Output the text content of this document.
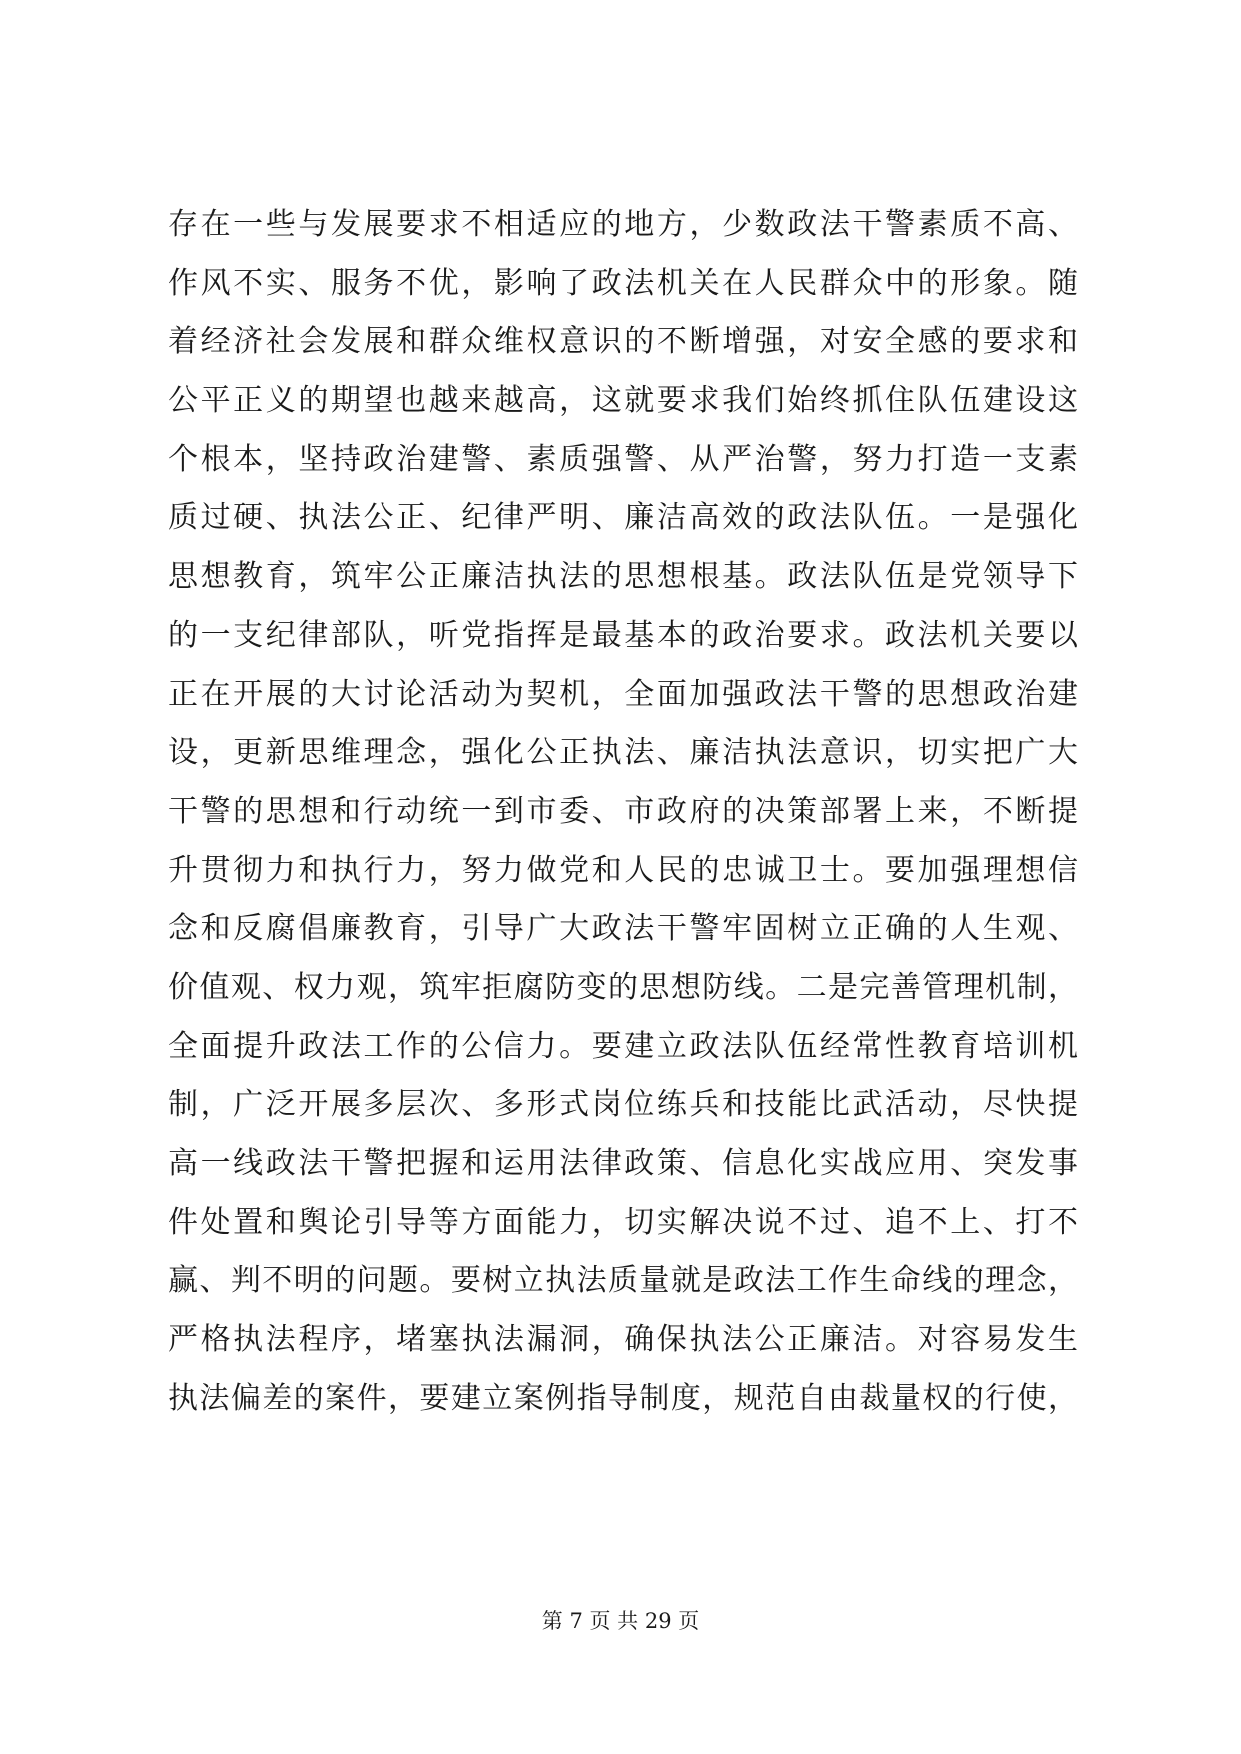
存在一些与发展要求不相适应的地方，少数政法干警素质不高、
作风不实、服务不优，影响了政法机关在人民群众中的形象。随
着经济社会发展和群众维权意识的不断增强，对安全感的要求和
公平正义的期望也越来越高，这就要求我们始终抓住队伍建设这
个根本，坚持政治建警、素质强警、从严治警，努力打造一支素
质过硬、执法公正、纪律严明、廉洁高效的政法队伍。一是强化
思想教育，筑牢公正廉洁执法的思想根基。政法队伍是党领导下
的一支纪律部队，听党指挥是最基本的政治要求。政法机关要以
正在开展的大讨论活动为契机，全面加强政法干警的思想政治建
设，更新思维理念，强化公正执法、廉洁执法意识，切实把广大
干警的思想和行动统一到市委、市政府的决策部署上来，不断提
升贯彻力和执行力，努力做党和人民的忠诚卫士。要加强理想信
念和反腐倡廉教育，引导广大政法干警牢固树立正确的人生观、
价值观、权力观，筑牢拒腐防变的思想防线。二是完善管理机制，
全面提升政法工作的公信力。要建立政法队伍经常性教育培训机
制，广泛开展多层次、多形式岗位练兵和技能比武活动，尽快提
高一线政法干警把握和运用法律政策、信息化实战应用、突发事
件处置和舆论引导等方面能力，切实解决说不过、追不上、打不
赢、判不明的问题。要树立执法质量就是政法工作生命线的理念，
严格执法程序，堵塞执法漏洞，确保执法公正廉洁。对容易发生
执法偏差的案件，要建立案例指导制度，规范自由裁量权的行使，
第 7 页 共 29 页
